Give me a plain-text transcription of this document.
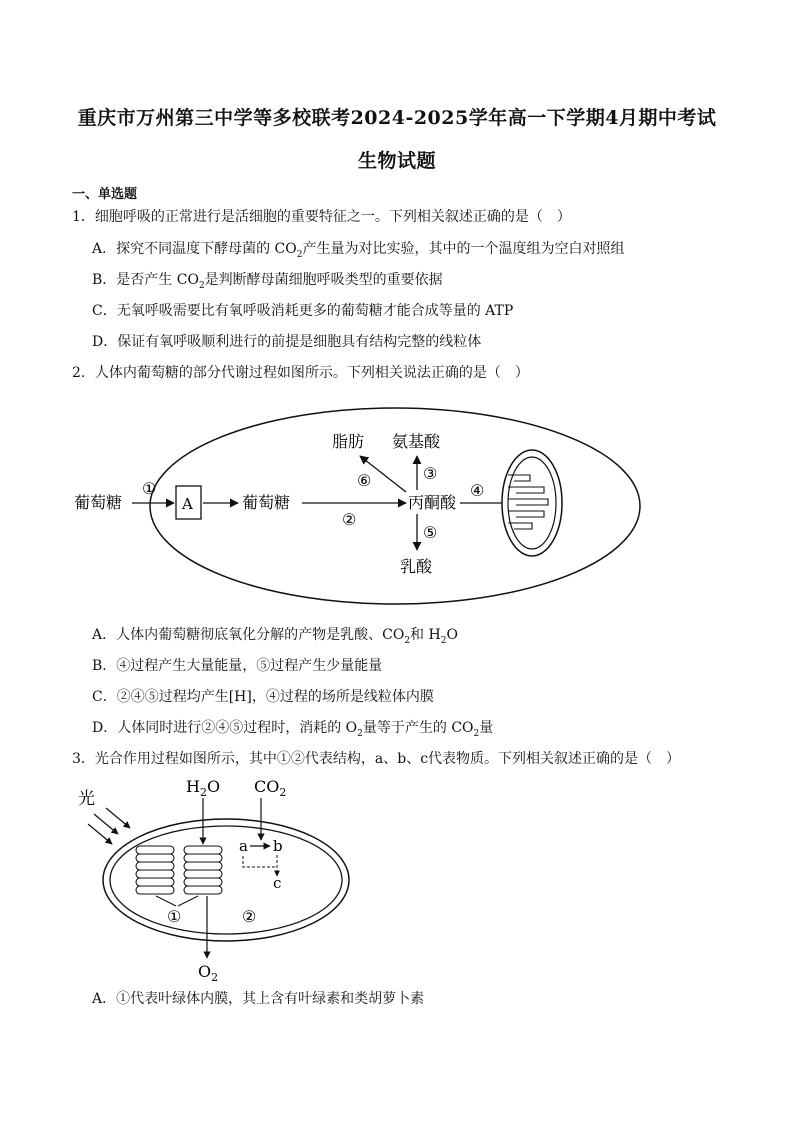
重庆市万州第三中学等多校联考2024-2025学年高一下学期4月期中考试
生物试题
一、单选题
1．细胞呼吸的正常进行是活细胞的重要特征之一。下列相关叙述正确的是（　）
A．探究不同温度下酵母菌的 $CO_2$产生量为对比实验，其中的一个温度组为空白对照组
B．是否产生 $CO_2$是判断酵母菌细胞呼吸类型的重要依据
C．无氧呼吸需要比有氧呼吸消耗更多的葡萄糖才能合成等量的 ATP
D．保证有氧呼吸顺利进行的前提是细胞具有结构完整的线粒体
2．人体内葡萄糖的部分代谢过程如图所示。下列相关说法正确的是（　）
葡萄糖
①
A	葡萄糖
②
丙酮酸
⑥
脂肪
③
氨基酸
⑤
乳酸
④
A．人体内葡萄糖彻底氧化分解的产物是乳酸、$CO_2$和 $H_2O$
B．④过程产生大量能量，⑤过程产生少量能量
C．②④⑤过程均产生[H]，④过程的场所是线粒体内膜
D．人体同时进行②④⑤过程时，消耗的 $O_2$量等于产生的 $CO_2$量
3．光合作用过程如图所示，其中①②代表结构，a、b、c代表物质。下列相关叙述正确的是（　）
光
$H_2O$
$O_2$
①	②
$CO_2$
a b
c
A．①代表叶绿体内膜，其上含有叶绿素和类胡萝卜素
